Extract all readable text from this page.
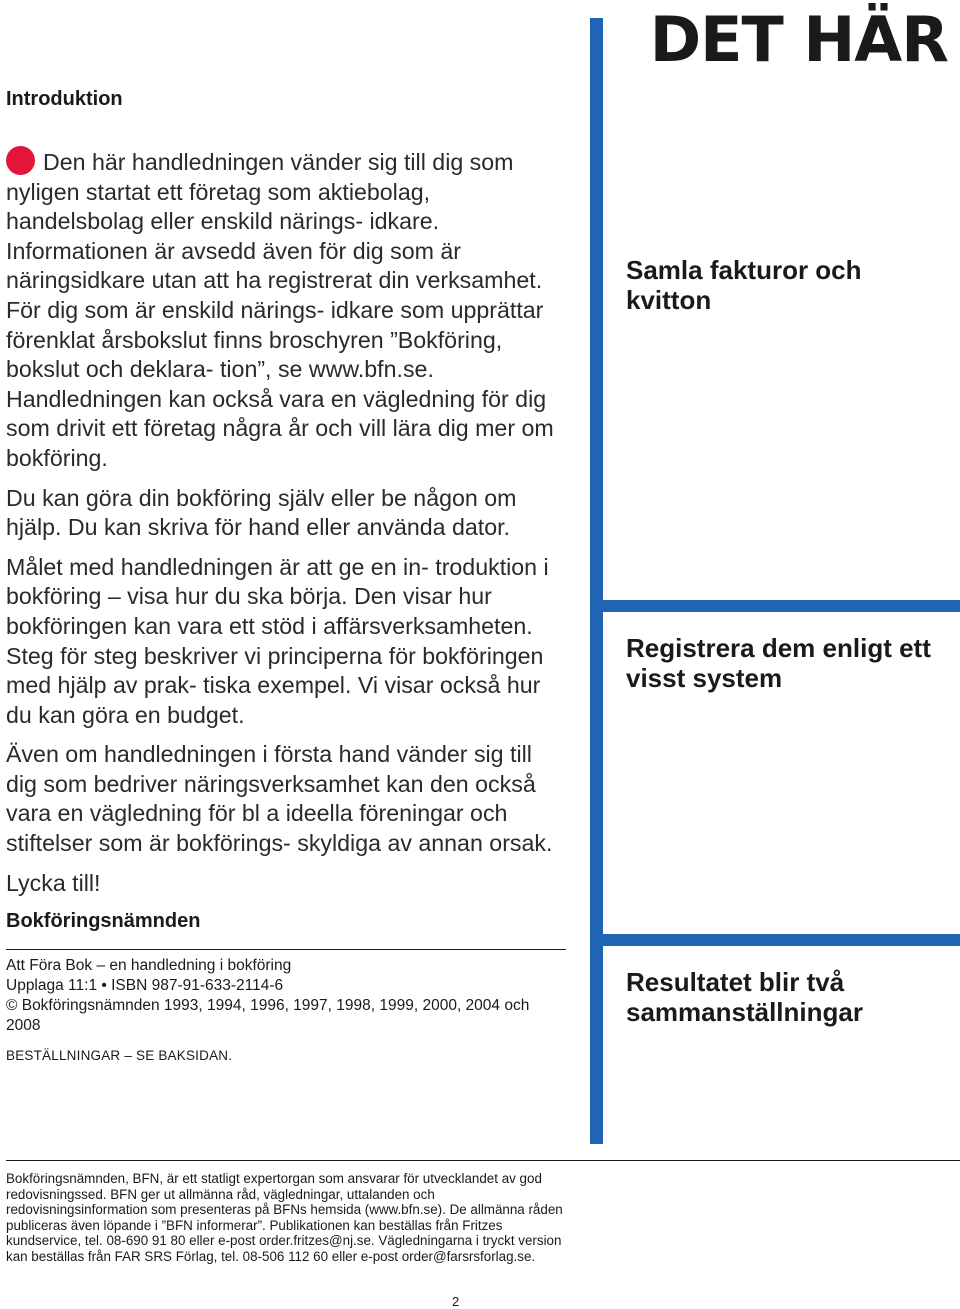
DET HÄR
Introduktion

Den här handledningen vänder sig till dig som nyligen startat ett företag som aktiebolag, handelsbolag eller enskild närings- idkare. Informationen är avsedd även för dig som är näringsidkare utan att ha registrerat din verksamhet. För dig som är enskild närings- idkare som upprättar förenklat årsbokslut finns broschyren ”Bokföring, bokslut och deklara- tion”, se www.bfn.se. Handledningen kan också vara en vägledning för dig som drivit ett företag några år och vill lära dig mer om bokföring.

Du kan göra din bokföring själv eller be någon om hjälp. Du kan skriva för hand eller använda dator.

Målet med handledningen är att ge en in- troduktion i bokföring – visa hur du ska börja. Den visar hur bokföringen kan vara ett stöd i affärsverksamheten. Steg för steg beskriver vi principerna för bokföringen med hjälp av prak- tiska exempel. Vi visar också hur du kan göra en budget.

Även om handledningen i första hand vänder sig till dig som bedriver näringsverksamhet kan den också vara en vägledning för bl a ideella föreningar och stiftelser som är bokförings- skyldiga av annan orsak.

Lycka till!

Bokföringsnämnden
Att Föra Bok – en handledning i bokföring
Upplaga 11:1 • ISBN 987-91-633-2114-6
© Bokföringsnämnden 1993, 1994, 1996, 1997, 1998, 1999, 2000, 2004 och 2008
BESTÄLLNINGAR – SE BAKSIDAN.
Bokföringsnämnden, BFN, är ett statligt expertorgan som ansvarar för utvecklandet av god redovisningssed. BFN ger ut allmänna råd, vägledningar, uttalanden och redovisningsinformation som presenteras på BFNs hemsida (www.bfn.se). De allmänna råden publiceras även löpande i ”BFN informerar”. Publikationen kan beställas från Fritzes kundservice, tel. 08-690 91 80 eller e-post order.fritzes@nj.se. Vägledningarna i tryckt version kan beställas från FAR SRS Förlag, tel. 08-506 112 60 eller e-post order@farsrsforlag.se.
2
Samla fakturor och kvitton
Registrera dem enligt ett visst system
Resultatet blir två sammanställningar
